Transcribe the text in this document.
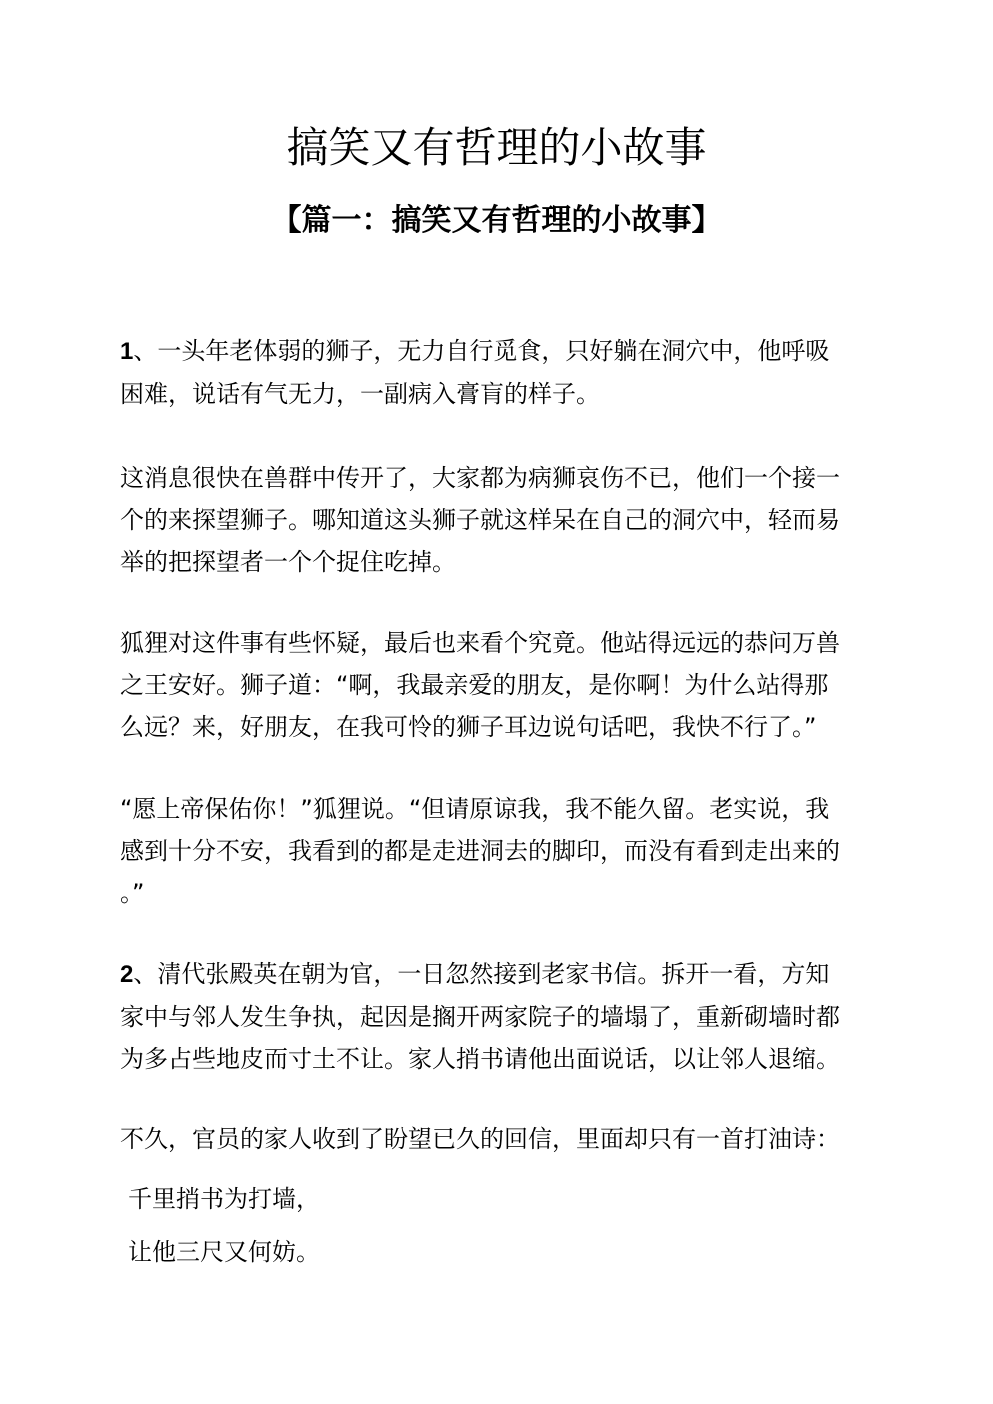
搞笑又有哲理的小故事
【篇一：搞笑又有哲理的小故事】

1、一头年老体弱的狮子，无力自行觅食，只好躺在洞穴中，他呼吸
困难，说话有气无力，一副病入膏肓的样子。

这消息很快在兽群中传开了，大家都为病狮哀伤不已，他们一个接一
个的来探望狮子。哪知道这头狮子就这样呆在自己的洞穴中，轻而易
举的把探望者一个个捉住吃掉。

狐狸对这件事有些怀疑，最后也来看个究竟。他站得远远的恭问万兽
之王安好。狮子道：“啊，我最亲爱的朋友，是你啊！为什么站得那
么远？来，好朋友，在我可怜的狮子耳边说句话吧，我快不行了。”

“愿上帝保佑你！”狐狸说。“但请原谅我，我不能久留。老实说，我
感到十分不安，我看到的都是走进洞去的脚印，而没有看到走出来的
。”

2、清代张殿英在朝为官，一日忽然接到老家书信。拆开一看，方知
家中与邻人发生争执，起因是搁开两家院子的墙塌了，重新砌墙时都
为多占些地皮而寸土不让。家人捎书请他出面说话，以让邻人退缩。

不久，官员的家人收到了盼望已久的回信，里面却只有一首打油诗：

千里捎书为打墙，

让他三尺又何妨。
